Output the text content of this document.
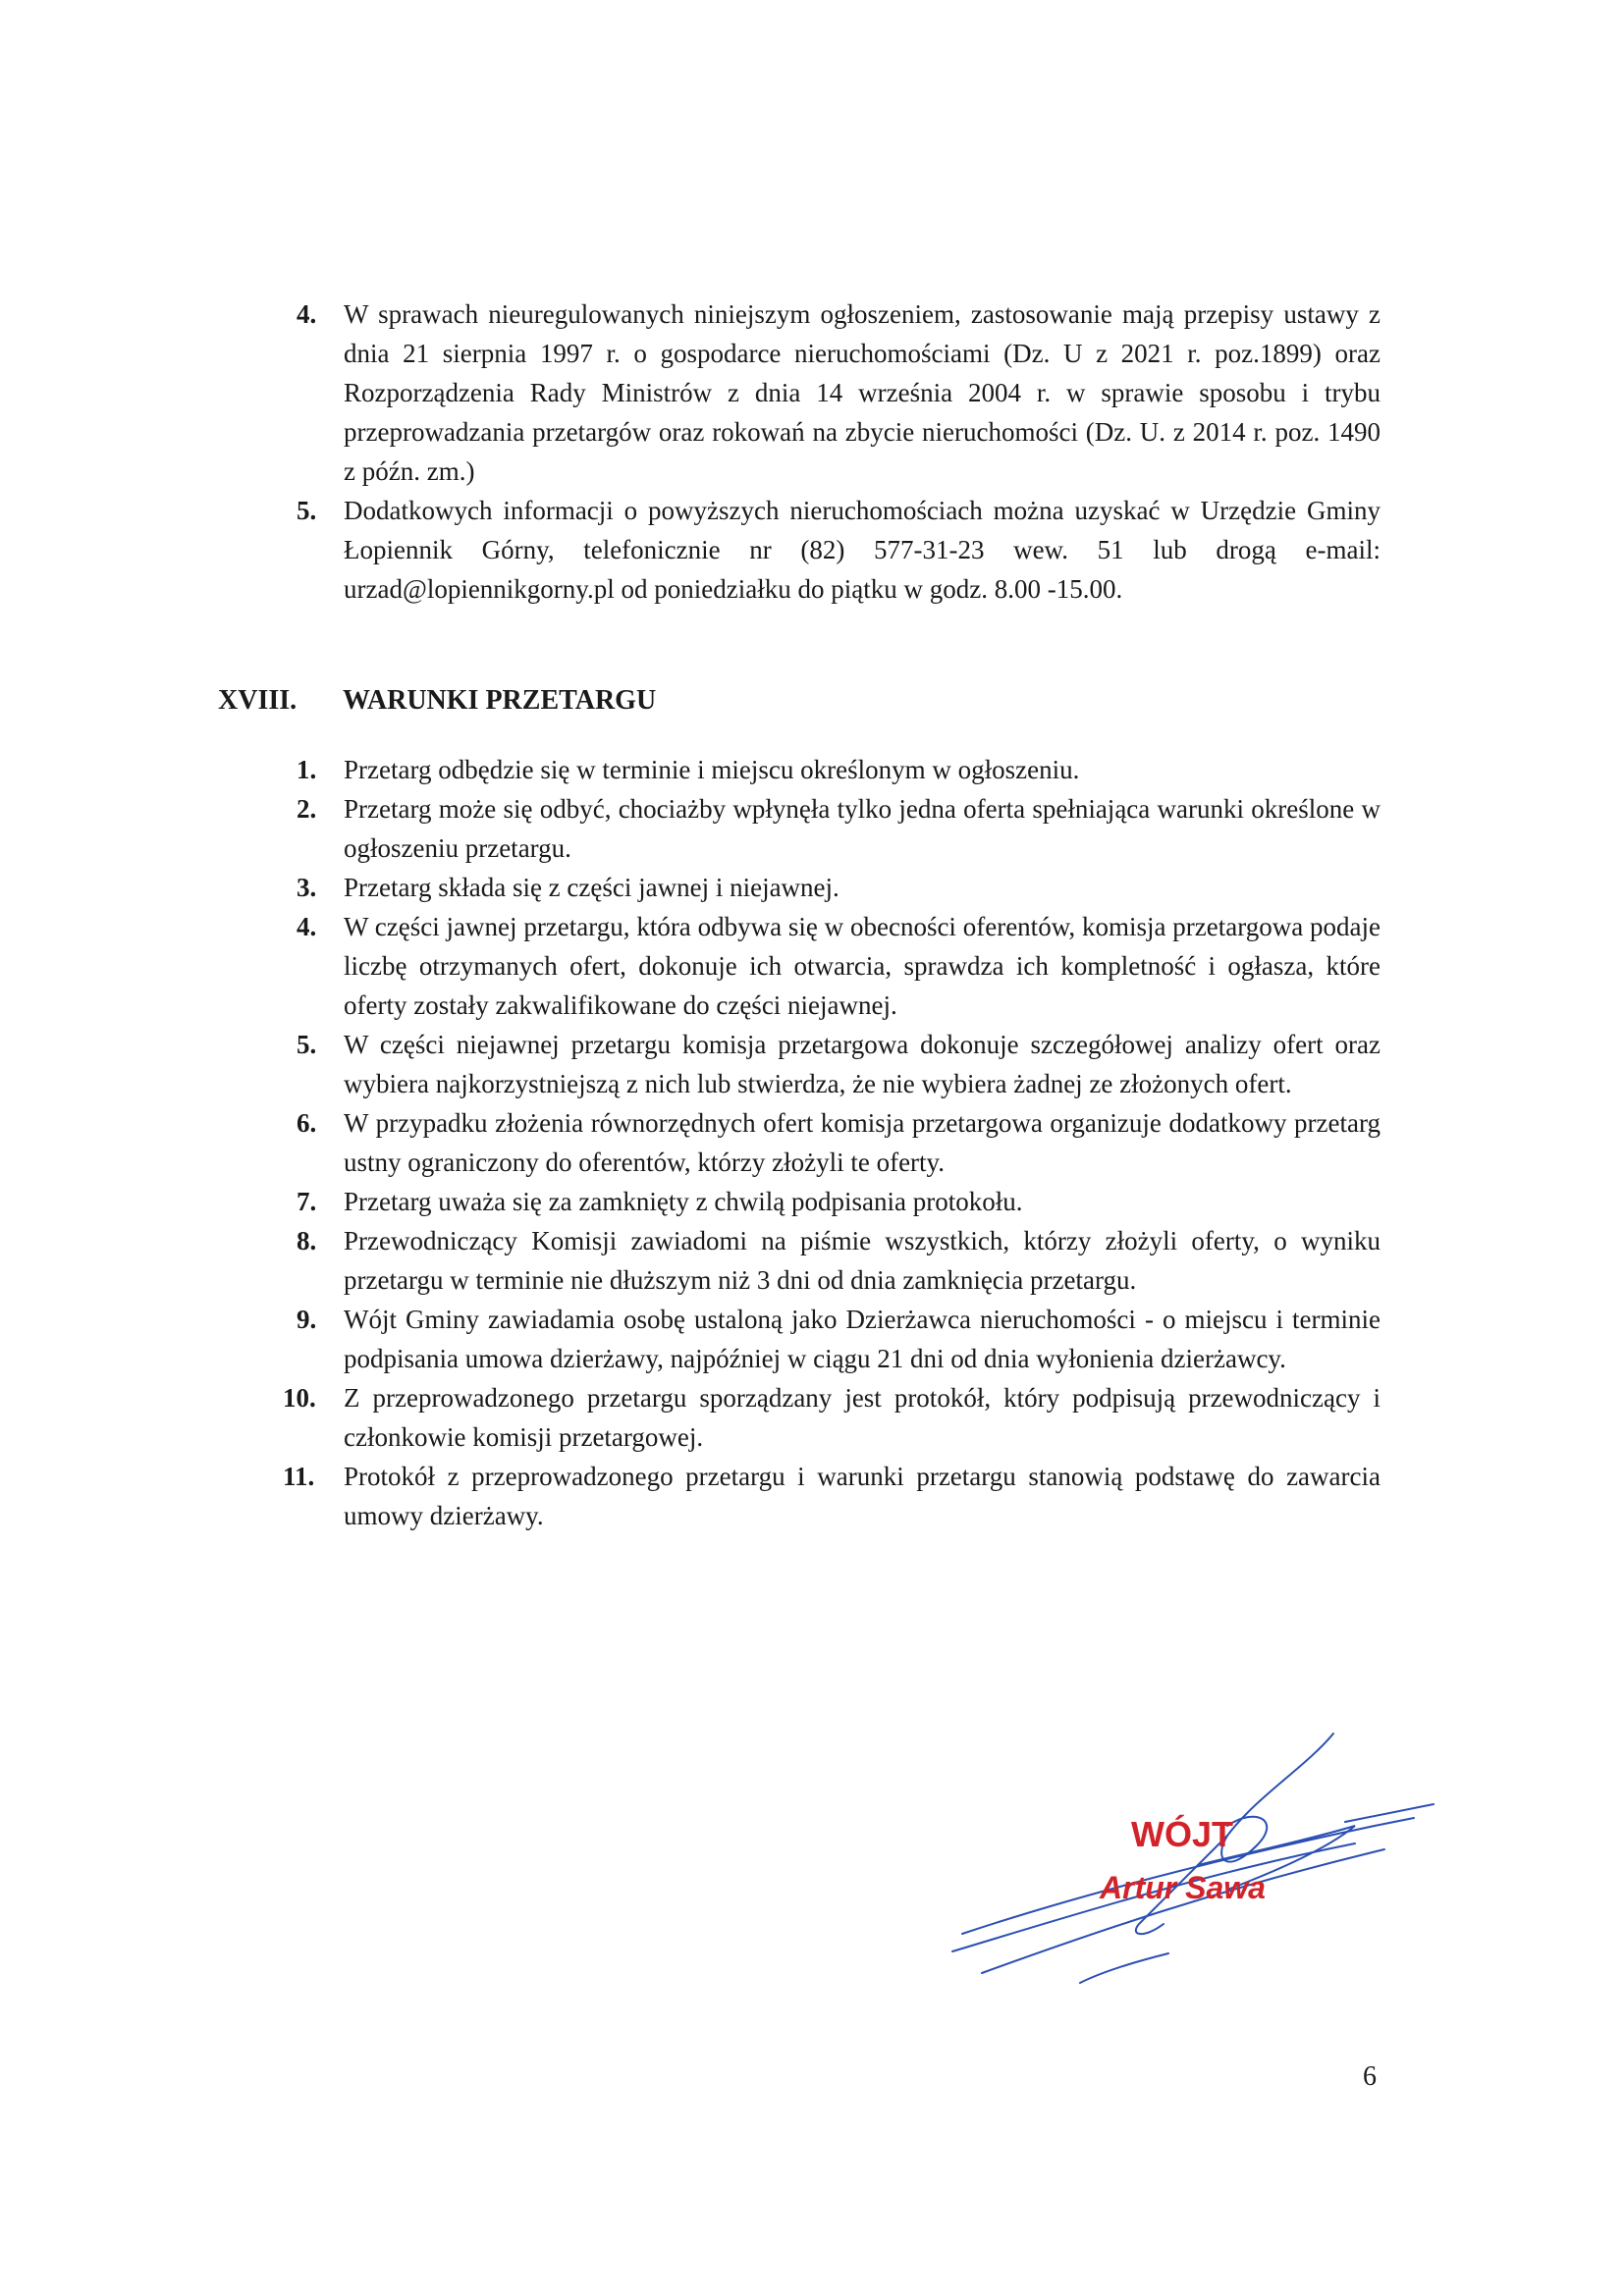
4. W sprawach nieuregulowanych niniejszym ogłoszeniem, zastosowanie mają przepisy ustawy z dnia 21 sierpnia 1997 r. o gospodarce nieruchomościami (Dz. U z 2021 r. poz.1899) oraz Rozporządzenia Rady Ministrów z dnia 14 września 2004 r. w sprawie sposobu i trybu przeprowadzania przetargów oraz rokowań na zbycie nieruchomości (Dz. U. z 2014 r. poz. 1490 z późn. zm.)
5. Dodatkowych informacji o powyższych nieruchomościach można uzyskać w Urzędzie Gminy Łopiennik Górny, telefonicznie nr (82) 577-31-23 wew. 51 lub drogą e-mail: urzad@lopiennikgorny.pl od poniedziałku do piątku w godz. 8.00 -15.00.
XVIII. WARUNKI PRZETARGU
1. Przetarg odbędzie się w terminie i miejscu określonym w ogłoszeniu.
2. Przetarg może się odbyć, chociażby wpłynęła tylko jedna oferta spełniająca warunki określone w ogłoszeniu przetargu.
3. Przetarg składa się z części jawnej i niejawnej.
4. W części jawnej przetargu, która odbywa się w obecności oferentów, komisja przetargowa podaje liczbę otrzymanych ofert, dokonuje ich otwarcia, sprawdza ich kompletność i ogłasza, które oferty zostały zakwalifikowane do części niejawnej.
5. W części niejawnej przetargu komisja przetargowa dokonuje szczegółowej analizy ofert oraz wybiera najkorzystniejszą z nich lub stwierdza, że nie wybiera żadnej ze złożonych ofert.
6. W przypadku złożenia równorzędnych ofert komisja przetargowa organizuje dodatkowy przetarg ustny ograniczony do oferentów, którzy złożyli te oferty.
7. Przetarg uważa się za zamknięty z chwilą podpisania protokołu.
8. Przewodniczący Komisji zawiadomi na piśmie wszystkich, którzy złożyli oferty, o wyniku przetargu w terminie nie dłuższym niż 3 dni od dnia zamknięcia przetargu.
9. Wójt Gminy zawiadamia osobę ustaloną jako Dzierżawca nieruchomości - o miejscu i terminie podpisania umowa dzierżawy, najpóźniej w ciągu 21 dni od dnia wyłonienia dzierżawcy.
10. Z przeprowadzonego przetargu sporządzany jest protokół, który podpisują przewodniczący i członkowie komisji przetargowej.
11. Protokół z przeprowadzonego przetargu i warunki przetargu stanowią podstawę do zawarcia umowy dzierżawy.
WÓJT
Artur Sawa
6
